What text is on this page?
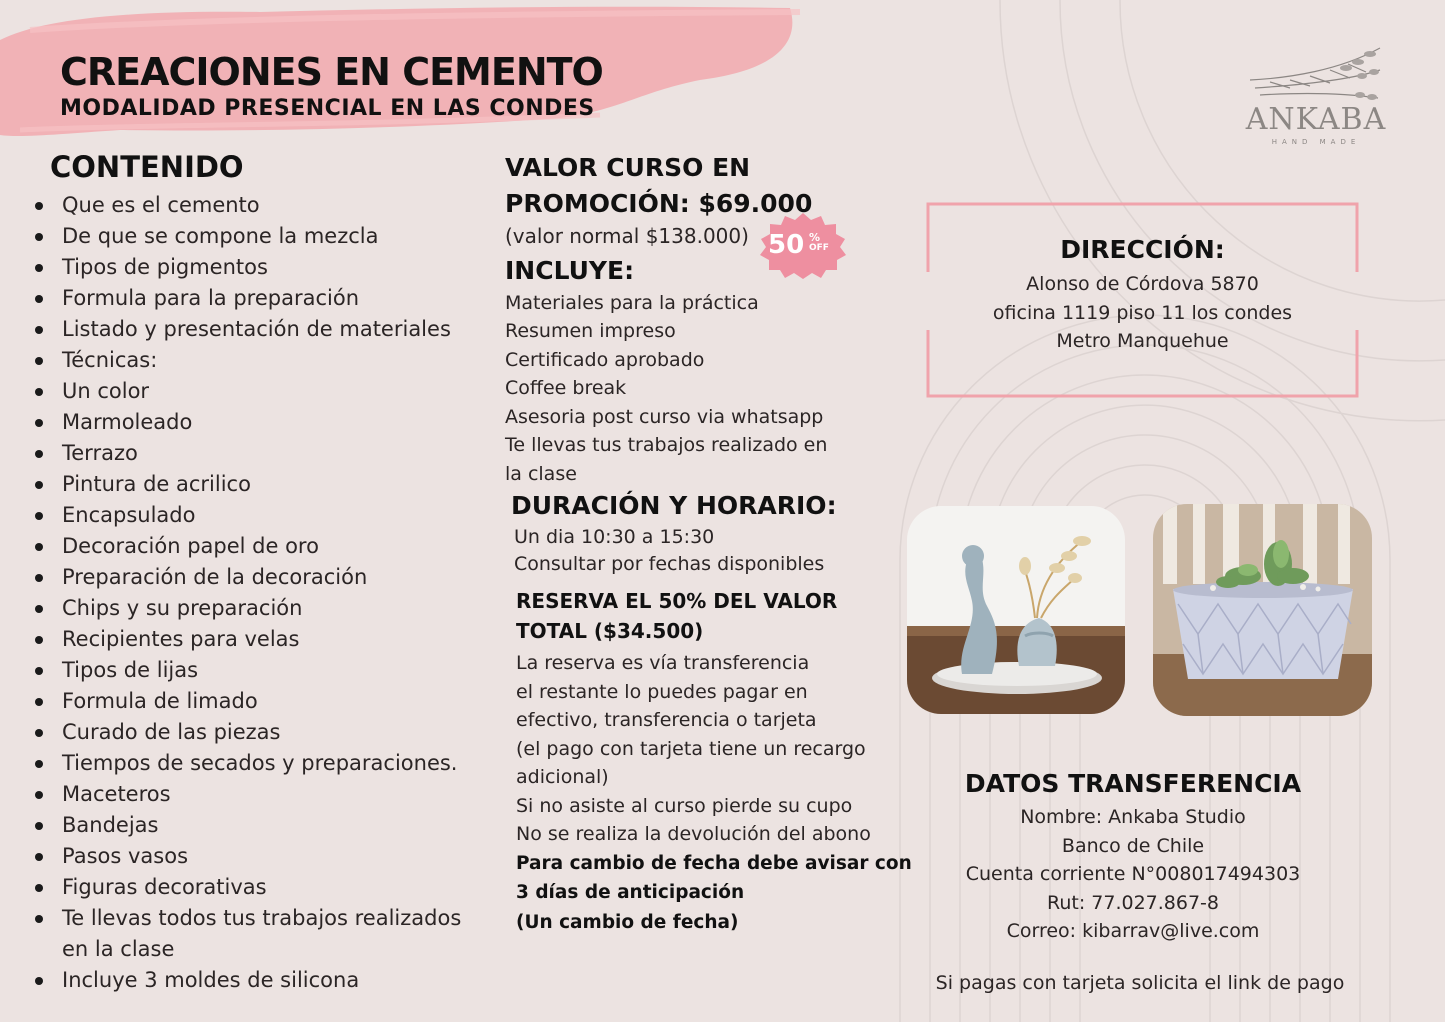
CREACIONES EN CEMENTO
MODALIDAD PRESENCIAL EN LAS CONDES	ANKABA
HAND MADE
CONTENIDO
Que es el cemento
De que se compone la mezcla
Tipos de pigmentos
Formula para la preparación
Listado y presentación de materiales
Técnicas:
Un color
Marmoleado
Terrazo
Pintura de acrilico
Encapsulado
Decoración papel de oro
Preparación de la decoración
Chips y su preparación
Recipientes para velas
Tipos de lijas
Formula de limado
Curado de las piezas
Tiempos de secados y preparaciones.
Maceteros
Bandejas
Pasos vasos
Figuras decorativas
Te llevas todos tus trabajos realizados en la clase
Incluye 3 moldes de silicona
VALOR CURSO EN
PROMOCIÓN: $69.000
(valor normal $138.000)
INCLUYE:
Materiales para la práctica
Resumen impreso
Certificado aprobado
Coffee break
Asesoria post curso via whatsapp
Te llevas tus trabajos realizado en
la clase
DURACIÓN Y HORARIO:
Un dia 10:30 a 15:30
Consultar por fechas disponibles
RESERVA EL 50% DEL VALOR
TOTAL ($34.500)
La reserva es vía transferencia
el restante lo puedes pagar en
efectivo, transferencia o tarjeta
(el pago con tarjeta tiene un recargo
adicional)
Si no asiste al curso pierde su cupo
No se realiza la devolución del abono
Para cambio de fecha debe avisar con
3 días de anticipación
(Un cambio de fecha)
50 %
OFF	DIRECCIÓN:
Alonso de Córdova 5870
oficina 1119 piso 11 los condes
Metro Manquehue
DATOS TRANSFERENCIA
Nombre: Ankaba Studio
Banco de Chile
Cuenta corriente N°008017494303
Rut: 77.027.867-8
Correo: kibarrav@live.com
Si pagas con tarjeta solicita el link de pago
